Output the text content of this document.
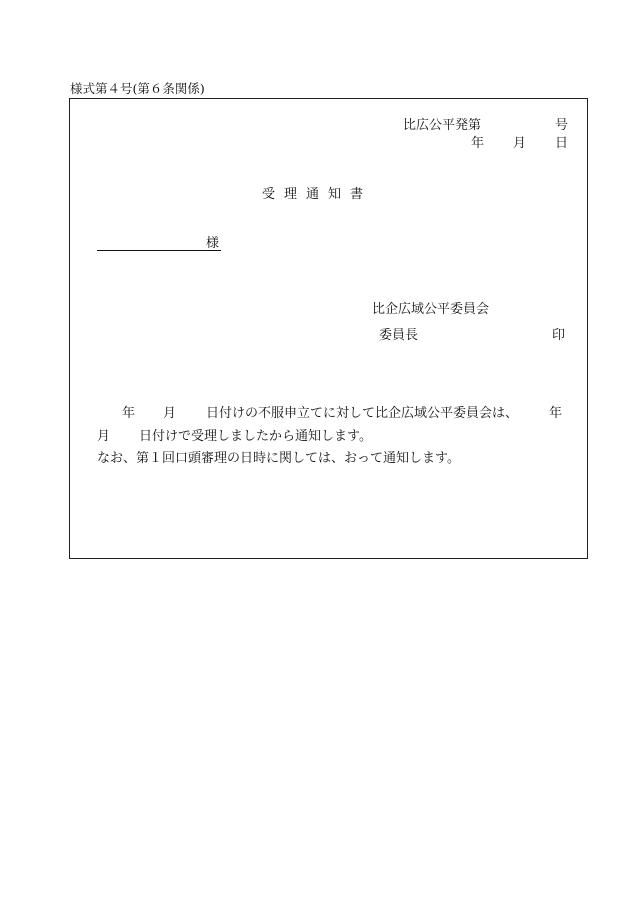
様式第４号(第６条関係)
比広公平発第	号
年 月 日
受理通知書
様
比企広域公平委員会
委員長	印
年 月 日付けの不服申立てに対して比企広域公平委員会は、 年
月 日付けで受理しましたから通知します。
なお、第１回口頭審理の日時に関しては、おって通知します。
